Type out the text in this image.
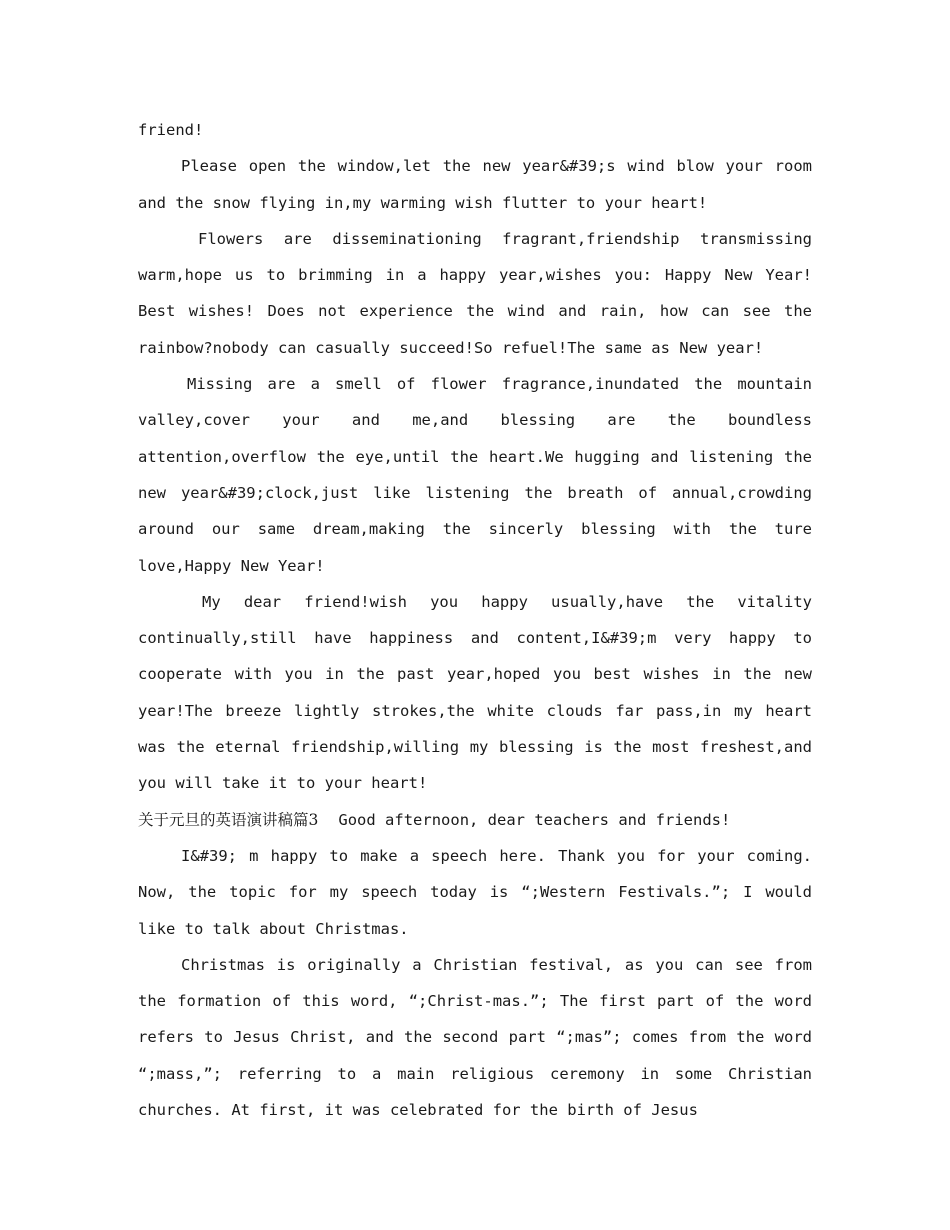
friend!

Please open the window,let the new year&#39;s wind blow your room and the snow flying in,my warming wish flutter to your heart!

Flowers are disseminationing fragrant,friendship transmissing warm,hope us to brimming in a happy year,wishes you: Happy New Year! Best wishes! Does not experience the wind and rain, how can see the rainbow?nobody can casually succeed!So refuel!The same as New year!

Missing are a smell of flower fragrance,inundated the mountain valley,cover your and me,and blessing are the boundless attention,overflow the eye,until the heart.We hugging and listening the new year&#39;clock,just like listening the breath of annual,crowding around our same dream,making the sincerly blessing with the ture love,Happy New Year!

My dear friend!wish you happy usually,have the vitality continually,still have happiness and content,I&#39;m very happy to cooperate with you in the past year,hoped you best wishes in the new year!The breeze lightly strokes,the white clouds far pass,in my heart was the eternal friendship,willing my blessing is the most freshest,and you will take it to your heart!

关于元旦的英语演讲稿篇3 Good afternoon, dear teachers and friends!

I&#39; m happy to make a speech here. Thank you for your coming. Now, the topic for my speech today is “;Western Festivals.”; I would like to talk about Christmas.

Christmas is originally a Christian festival, as you can see from the formation of this word, “;Christ-mas.”; The first part of the word refers to Jesus Christ, and the second part “;mas”; comes from the word “;mass,”; referring to a main religious ceremony in some Christian churches. At first, it was celebrated for the birth of Jesus
